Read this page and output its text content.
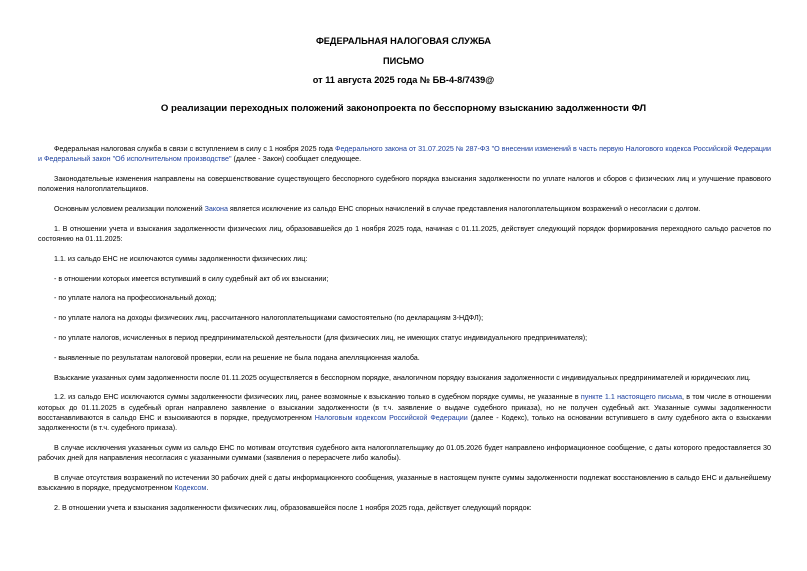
ФЕДЕРАЛЬНАЯ НАЛОГОВАЯ СЛУЖБА
ПИСЬМО
от 11 августа 2025 года № БВ-4-8/7439@
О реализации переходных положений законопроекта по бесспорному взысканию задолженности ФЛ

Федеральная налоговая служба в связи с вступлением в силу с 1 ноября 2025 года Федерального закона от 31.07.2025 № 287-ФЗ "О внесении изменений в часть первую Налогового кодекса Российской Федерации и Федеральный закон "Об исполнительном производстве" (далее - Закон) сообщает следующее.

Законодательные изменения направлены на совершенствование существующего бесспорного судебного порядка взыскания задолженности по уплате налогов и сборов с физических лиц и улучшение правового положения налогоплательщиков.

Основным условием реализации положений Закона является исключение из сальдо ЕНС спорных начислений в случае представления налогоплательщиком возражений о несогласии с долгом.

1. В отношении учета и взыскания задолженности физических лиц, образовавшейся до 1 ноября 2025 года, начиная с 01.11.2025, действует следующий порядок формирования переходного сальдо расчетов по состоянию на 01.11.2025:

1.1. из сальдо ЕНС не исключаются суммы задолженности физических лиц:

- в отношении которых имеется вступивший в силу судебный акт об их взыскании;

- по уплате налога на профессиональный доход;

- по уплате налога на доходы физических лиц, рассчитанного налогоплательщиками самостоятельно (по декларациям 3-НДФЛ);

- по уплате налогов, исчисленных в период предпринимательской деятельности (для физических лиц, не имеющих статус индивидуального предпринимателя);

- выявленные по результатам налоговой проверки, если на решение не была подана апелляционная жалоба.

Взыскание указанных сумм задолженности после 01.11.2025 осуществляется в бесспорном порядке, аналогичном порядку взыскания задолженности с индивидуальных предпринимателей и юридических лиц.

1.2. из сальдо ЕНС исключаются суммы задолженности физических лиц, ранее возможные к взысканию только в судебном порядке суммы, не указанные в пункте 1.1 настоящего письма, в том числе в отношении которых до 01.11.2025 в судебный орган направлено заявление о взыскании задолженности (в т.ч. заявление о выдаче судебного приказа), но не получен судебный акт. Указанные суммы задолженности восстанавливаются в сальдо ЕНС и взыскиваются в порядке, предусмотренном Налоговым кодексом Российской Федерации (далее - Кодекс), только на основании вступившего в силу судебного акта о взыскании задолженности (в т.ч. судебного приказа).

В случае исключения указанных сумм из сальдо ЕНС по мотивам отсутствия судебного акта налогоплательщику до 01.05.2026 будет направлено информационное сообщение, с даты которого предоставляется 30 рабочих дней для направления несогласия с указанными суммами (заявления о перерасчете либо жалобы).

В случае отсутствия возражений по истечении 30 рабочих дней с даты информационного сообщения, указанные в настоящем пункте суммы задолженности подлежат восстановлению в сальдо ЕНС и дальнейшему взысканию в порядке, предусмотренном Кодексом.

2. В отношении учета и взыскания задолженности физических лиц, образовавшейся после 1 ноября 2025 года, действует следующий порядок:
